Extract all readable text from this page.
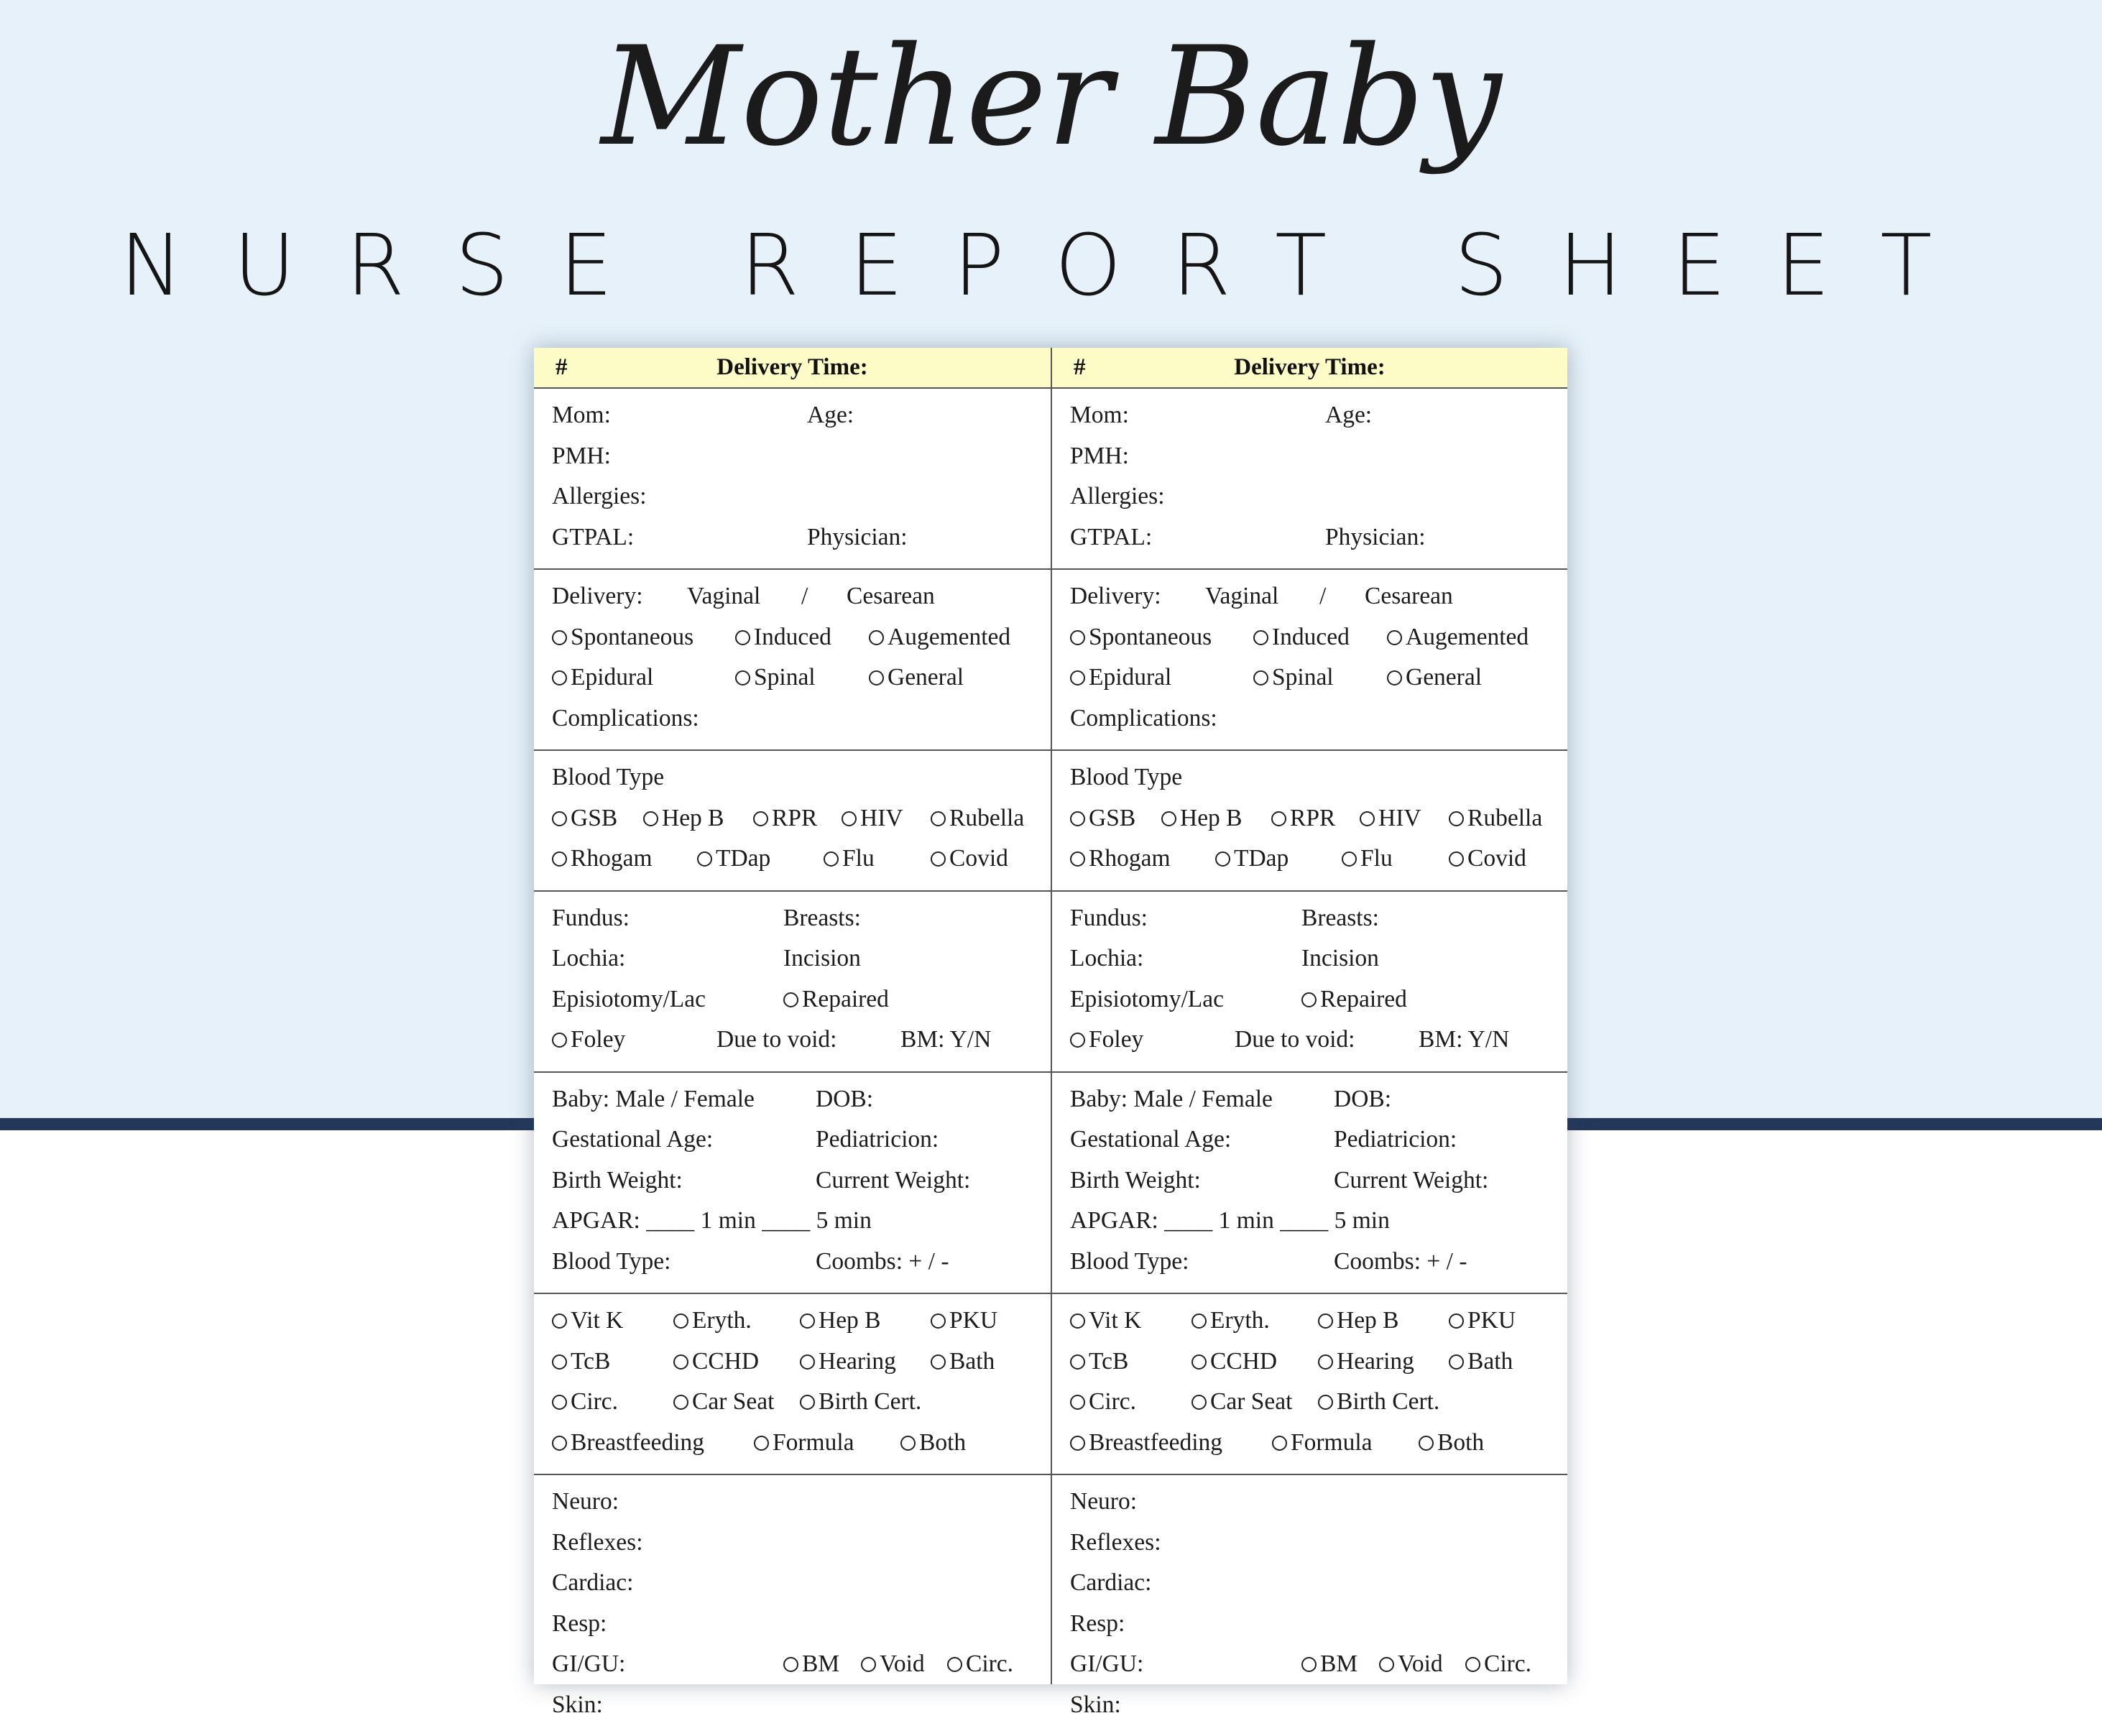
Mother Baby
NURSE REPORT SHEET
#	Delivery Time:
Mom:	Age:
PMH:
Allergies:
GTPAL:	Physician:
Delivery: Vaginal / Cesarean
Spontaneous	Induced	Augemented
Epidural	Spinal	General
Complications:
Blood Type
GSB	Hep B	RPR	HIV	Rubella
Rhogam	TDap	Flu	Covid
Fundus:	Breasts:
Lochia:	Incision
Episiotomy/Lac	Repaired
Foley	Due to void:	BM: Y/N
Baby: Male / Female	DOB:
Gestational Age:	Pediatricion:
Birth Weight:	Current Weight:
APGAR: ____ 1 min ____ 5 min
Blood Type:	Coombs: + / -
Vit K	Eryth.	Hep B	PKU
TcB	CCHD	Hearing	Bath
Circ.	Car Seat	Birth Cert.
Breastfeeding	Formula	Both
Neuro:
Reflexes:
Cardiac:
Resp:
GI/GU:	BM	Void	Circ.
Skin:
#	Delivery Time:
Mom:	Age:
PMH:
Allergies:
GTPAL:	Physician:
Delivery: Vaginal / Cesarean
Spontaneous	Induced	Augemented
Epidural	Spinal	General
Complications:
Blood Type
GSB	Hep B	RPR	HIV	Rubella
Rhogam	TDap	Flu	Covid
Fundus:	Breasts:
Lochia:	Incision
Episiotomy/Lac	Repaired
Foley	Due to void:	BM: Y/N
Baby: Male / Female	DOB:
Gestational Age:	Pediatricion:
Birth Weight:	Current Weight:
APGAR: ____ 1 min ____ 5 min
Blood Type:	Coombs: + / -
Vit K	Eryth.	Hep B	PKU
TcB	CCHD	Hearing	Bath
Circ.	Car Seat	Birth Cert.
Breastfeeding	Formula	Both
Neuro:
Reflexes:
Cardiac:
Resp:
GI/GU:	BM	Void	Circ.
Skin:
